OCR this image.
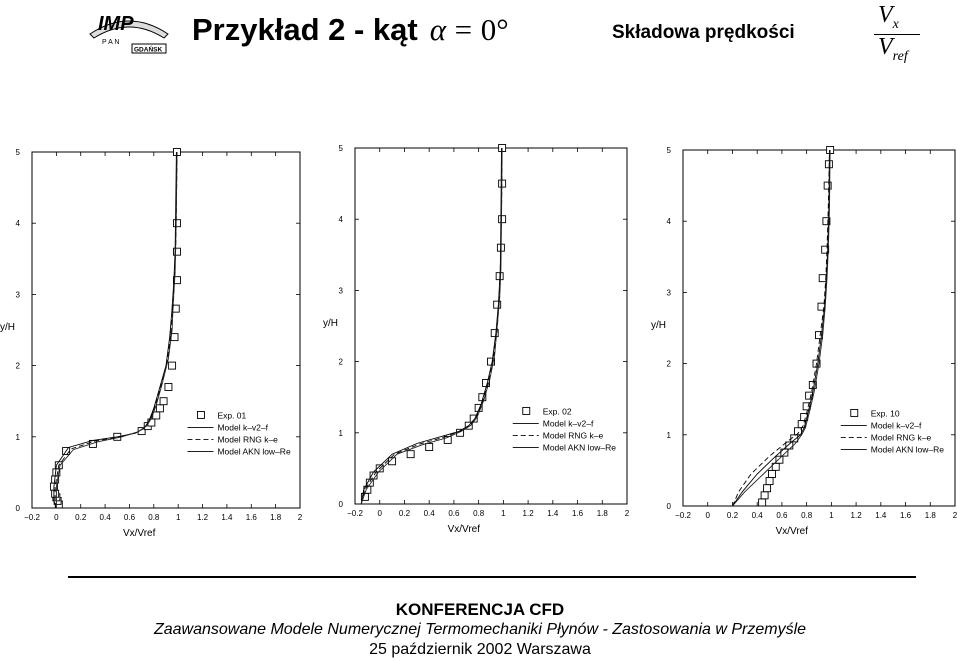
IMP
P A N
GDAŃSK
Przykład 2 - kąt α = 0°	Składowa prędkości
$V_x$
$V_{ref}$
−0.2 0 0.2 0.4 0.6 0.8 1 1.2 1.4 1.6 1.8 2
0
1
2
3
4
5
Vx/Vref
y/H
Exp. 01
Model k–v2–f
Model RNG k–e
Model AKN low–Re
−0.2 0 0.2 0.4 0.6 0.8 1 1.2 1.4 1.6 1.8 2
0
1
2
3
4
5
Vx/Vref
y/H
Exp. 02
Model k–v2–f
Model RNG k–e
Model AKN low–Re
−0.2 0 0.2 0.4 0.6 0.8 1 1.2 1.4 1.6 1.8 2
0
1
2
3
4
5
Vx/Vref
y/H
Exp. 10
Model k–v2–f
Model RNG k–e
Model AKN low–Re
KONFERENCJA CFD
Zaawansowane Modele Numerycznej Termomechaniki Płynów - Zastosowania w Przemyśle
25 październik 2002 Warszawa
